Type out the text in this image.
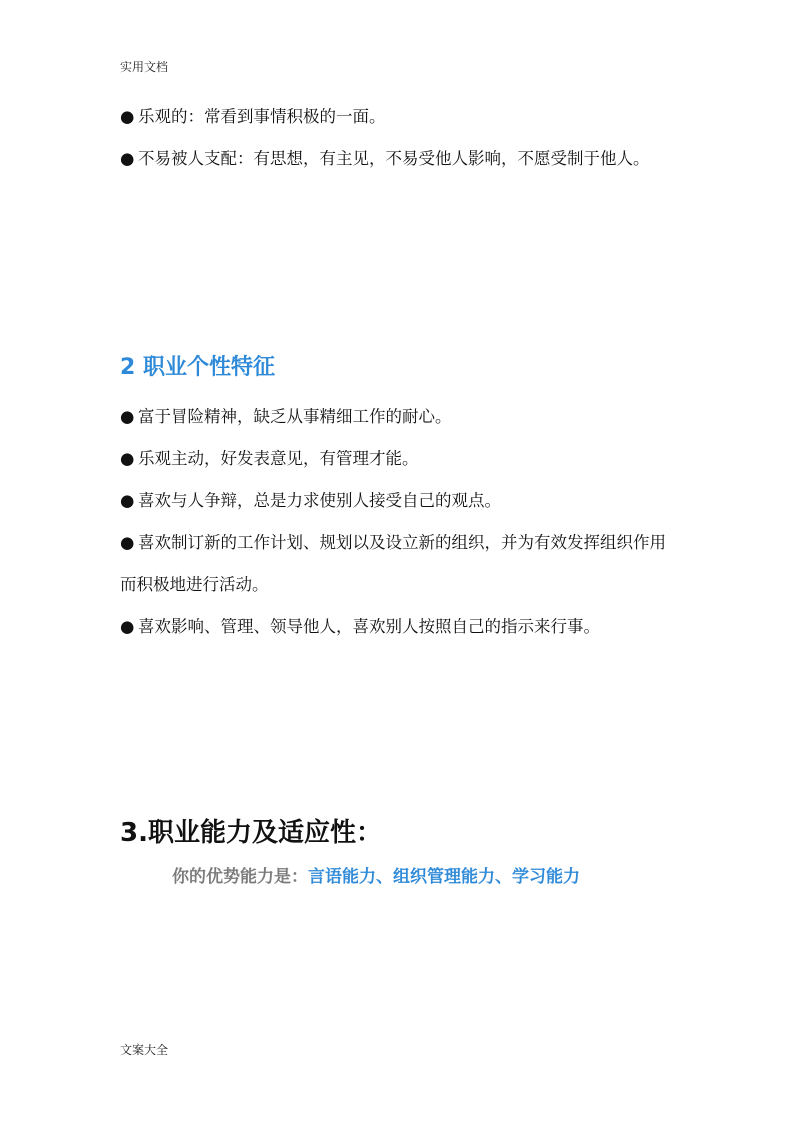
实用文档
● 乐观的：常看到事情积极的一面。
● 不易被人支配：有思想，有主见，不易受他人影响，不愿受制于他人。
2 职业个性特征
● 富于冒险精神，缺乏从事精细工作的耐心。
● 乐观主动，好发表意见，有管理才能。
● 喜欢与人争辩，总是力求使别人接受自己的观点。
● 喜欢制订新的工作计划、规划以及设立新的组织，并为有效发挥组织作用而积极地进行活动。
● 喜欢影响、管理、领导他人，喜欢别人按照自己的指示来行事。
3.职业能力及适应性：
你的优势能力是：言语能力、组织管理能力、学习能力
文案大全
